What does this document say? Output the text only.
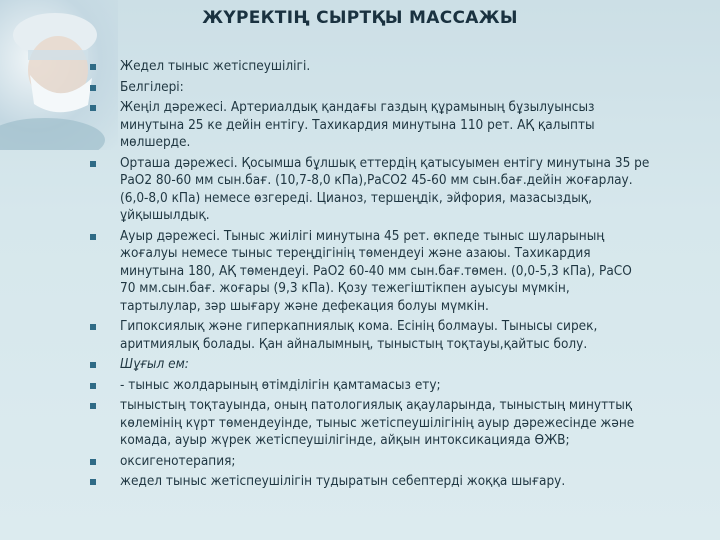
ЖҮРЕКТІҢ СЫРТҚЫ МАССАЖЫ
Жедел тыныс жетіспеушілігі.
Белгілері:
Жеңіл дәрежесі. Артериалдық қандағы газдың құрамының бұзылуынсыз
минутына 25 ке дейін ентігу. Тахикардия минутына 110 рет. АҚ қалыпты
мөлшерде.
Орташа дәрежесі. Қосымша бұлшық еттердің қатысуымен ентігу минутына 35 ре
РаО2 80-60 мм сын.бағ. (10,7-8,0 кПа),РаСО2 45-60 мм сын.бағ.дейін жоғарлау.
(6,0-8,0 кПа) немесе өзгереді. Цианоз, тершеңдік, эйфория, мазасыздық,
ұйқышылдық.
Ауыр дәрежесі. Тыныс жиілігі минутына 45 рет. өкпеде тыныс шуларының
жоғалуы немесе тыныс тереңдігінің төмендеуі және азаюы. Тахикардия
минутына 180, АҚ төмендеуі. РаО2 60-40 мм сын.бағ.төмен. (0,0-5,3 кПа), РаСО
70 мм.сын.бағ. жоғары (9,3 кПа). Қозу тежегіштікпен ауысуы мүмкін,
тартылулар, зәр шығару және дефекация болуы мүмкін.
Гипоксиялық және гиперкапниялық кома. Есінің болмауы. Тынысы сирек,
аритмиялық болады. Қан айналымның, тыныстың тоқтауы,қайтыс болу.
Шұғыл ем:
- тыныс жолдарының өтімділігін қамтамасыз ету;
тыныстың тоқтауында, оның патологиялық ақауларында, тыныстың минуттық
көлемінің күрт төмендеуінде, тыныс жетіспеушілігінің ауыр дәрежесінде және
комада, ауыр жүрек жетіспеушілігінде, айқын интоксикацияда ӨЖВ;
оксигенотерапия;
жедел тыныс жетіспеушілігін тудыратын себептерді жоққа шығару.
